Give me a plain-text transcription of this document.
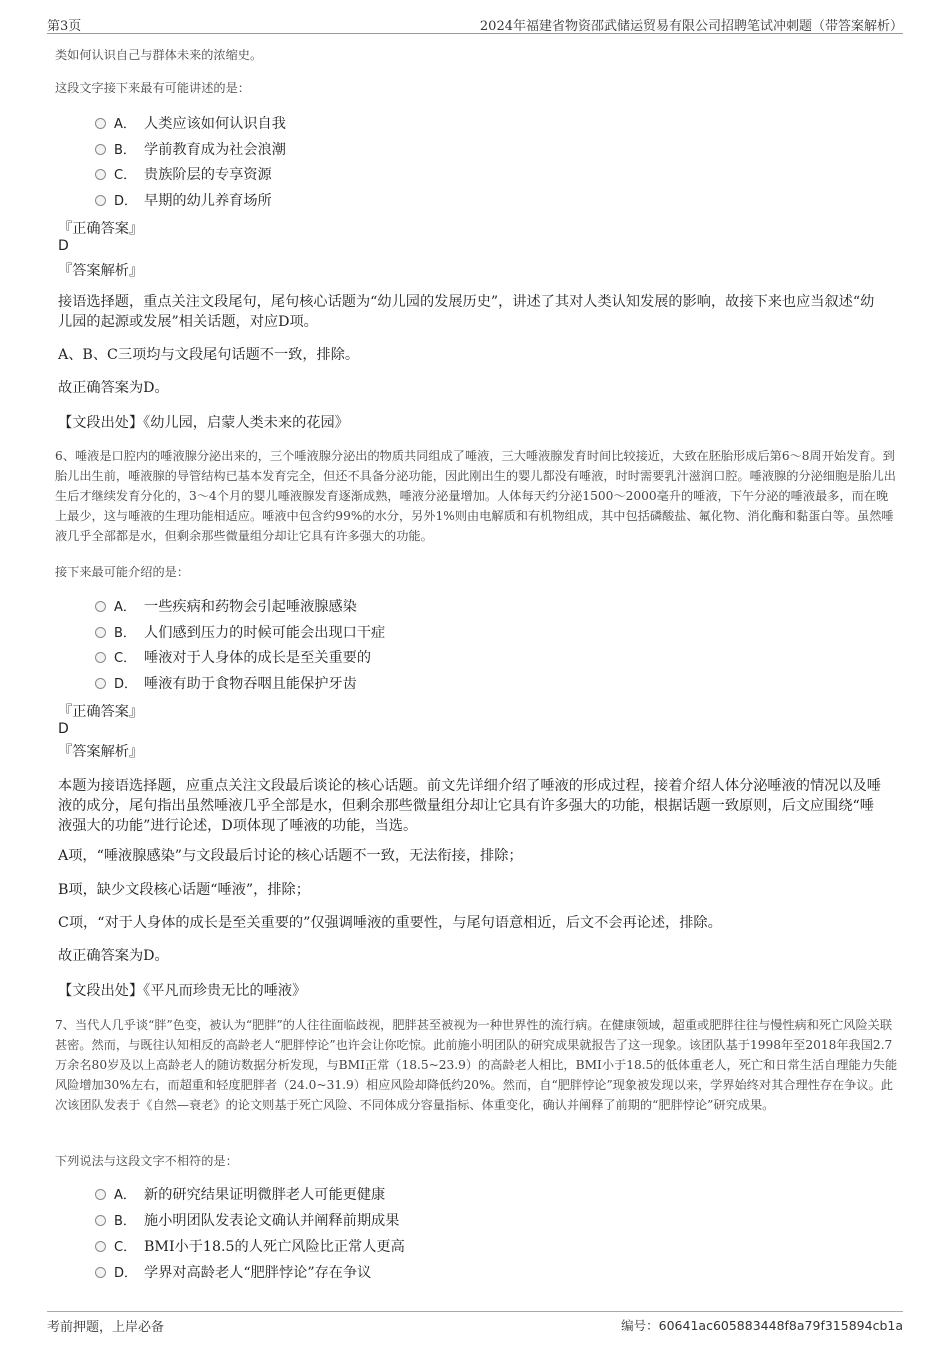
第3页	2024年福建省物资邵武储运贸易有限公司招聘笔试冲刺题（带答案解析）
类如何认识自己与群体未来的浓缩史。
这段文字接下来最有可能讲述的是：
A． 人类应该如何认识自我
B． 学前教育成为社会浪潮
C． 贵族阶层的专享资源
D． 早期的幼儿养育场所
『正确答案』
D
『答案解析』
接语选择题，重点关注文段尾句，尾句核心话题为“幼儿园的发展历史”，讲述了其对人类认知发展的影响，故接下来也应当叙述“幼儿园的起源或发展”相关话题，对应D项。
A、B、C三项均与文段尾句话题不一致，排除。
故正确答案为D。
【文段出处】《幼儿园，启蒙人类未来的花园》
6、唾液是口腔内的唾液腺分泌出来的，三个唾液腺分泌出的物质共同组成了唾液，三大唾液腺发育时间比较接近，大致在胚胎形成后第6～8周开始发育。到胎儿出生前，唾液腺的导管结构已基本发育完全，但还不具备分泌功能，因此刚出生的婴儿都没有唾液，时时需要乳汁滋润口腔。唾液腺的分泌细胞是胎儿出生后才继续发育分化的，3～4个月的婴儿唾液腺发育逐渐成熟，唾液分泌量增加。人体每天约分泌1500～2000毫升的唾液，下午分泌的唾液最多，而在晚上最少，这与唾液的生理功能相适应。唾液中包含约99%的水分，另外1%则由电解质和有机物组成，其中包括磷酸盐、氟化物、消化酶和黏蛋白等。虽然唾液几乎全部都是水，但剩余那些微量组分却让它具有许多强大的功能。
接下来最可能介绍的是：
A． 一些疾病和药物会引起唾液腺感染
B． 人们感到压力的时候可能会出现口干症
C． 唾液对于人身体的成长是至关重要的
D． 唾液有助于食物吞咽且能保护牙齿
『正确答案』
D
『答案解析』
本题为接语选择题，应重点关注文段最后谈论的核心话题。前文先详细介绍了唾液的形成过程，接着介绍人体分泌唾液的情况以及唾液的成分，尾句指出虽然唾液几乎全部是水，但剩余那些微量组分却让它具有许多强大的功能，根据话题一致原则，后文应围绕“唾液强大的功能”进行论述，D项体现了唾液的功能，当选。
A项，“唾液腺感染”与文段最后讨论的核心话题不一致，无法衔接，排除；
B项，缺少文段核心话题“唾液”，排除；
C项，“对于人身体的成长是至关重要的”仅强调唾液的重要性，与尾句语意相近，后文不会再论述，排除。
故正确答案为D。
【文段出处】《平凡而珍贵无比的唾液》
7、当代人几乎谈“胖”色变，被认为“肥胖”的人往往面临歧视，肥胖甚至被视为一种世界性的流行病。在健康领域，超重或肥胖往往与慢性病和死亡风险关联甚密。然而，与既往认知相反的高龄老人“肥胖悖论”也许会让你吃惊。此前施小明团队的研究成果就报告了这一现象。该团队基于1998年至2018年我国2.7万余名80岁及以上高龄老人的随访数据分析发现，与BMI正常（18.5~23.9）的高龄老人相比，BMI小于18.5的低体重老人，死亡和日常生活自理能力失能风险增加30%左右，而超重和轻度肥胖者（24.0~31.9）相应风险却降低约20%。然而，自“肥胖悖论”现象被发现以来，学界始终对其合理性存在争议。此次该团队发表于《自然—衰老》的论文则基于死亡风险、不同体成分容量指标、体重变化，确认并阐释了前期的“肥胖悖论”研究成果。
下列说法与这段文字不相符的是：
A． 新的研究结果证明微胖老人可能更健康
B． 施小明团队发表论文确认并阐释前期成果
C． BMI小于18.5的人死亡风险比正常人更高
D． 学界对高龄老人“肥胖悖论”存在争议
考前押题，上岸必备	编号：60641ac605883448f8a79f315894cb1a
